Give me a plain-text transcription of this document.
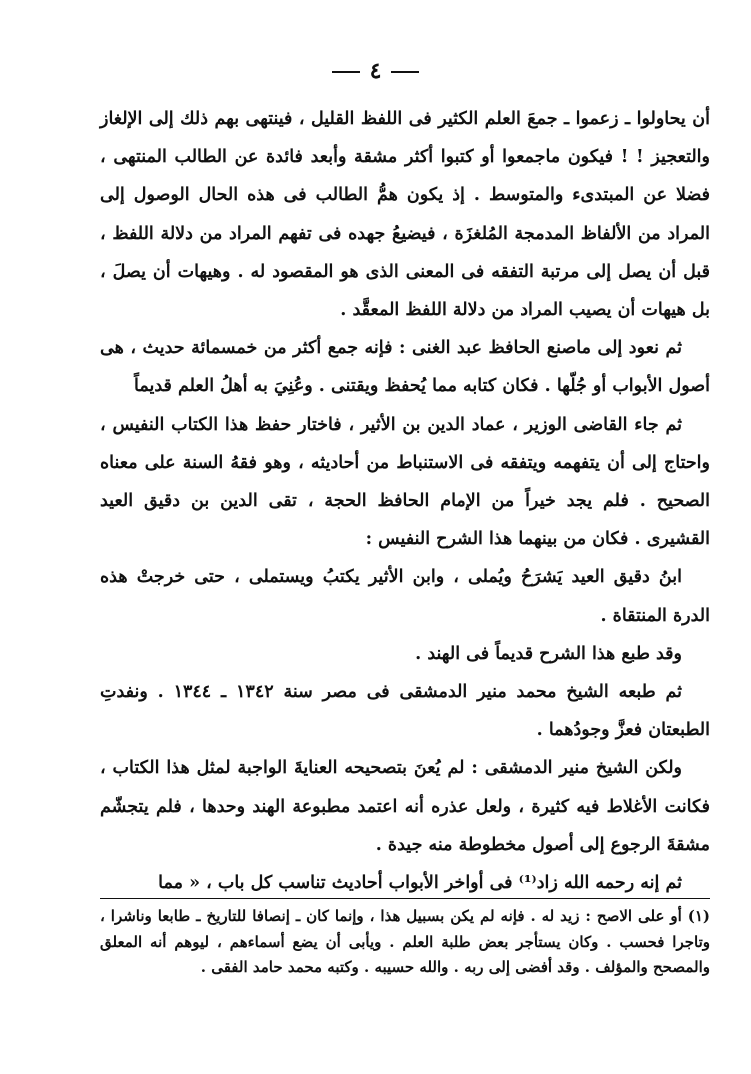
٤

أن يحاولوا ـ زعموا ـ جمعَ العلم الكثير فى اللفظ القليل ، فينتهى بهم ذلك إلى الإلغاز والتعجيز ! ! فيكون ماجمعوا أو كتبوا أكثر مشقة وأبعد فائدة عن الطالب المنتهى ، فضلا عن المبتدىء والمتوسط . إذ يكون همُّ الطالب فى هذه الحال الوصول إلى المراد من الألفاظ المدمجة المُلغزَة ، فيضيعُ جهده فى تفهم المراد من دلالة اللفظ ، قبل أن يصل إلى مرتبة التفقه فى المعنى الذى هو المقصود له . وهيهات أن يصلَ ، بل هيهات أن يصيب المراد من دلالة اللفظ المعقَّد .

ثم نعود إلى ماصنع الحافظ عبد الغنى : فإنه جمع أكثر من خمسمائة حديث ، هى أصول الأبواب أو جُلّها . فكان كتابه مما يُحفظ ويقتنى . وعُنِيَ به أهلُ العلم قديماً

ثم جاء القاضى الوزير ، عماد الدين بن الأثير ، فاختار حفظ هذا الكتاب النفيس ، واحتاج إلى أن يتفهمه ويتفقه فى الاستنباط من أحاديثه ، وهو فقهُ السنة على معناه الصحيح . فلم يجد خيراً من الإمام الحافظ الحجة ، تقى الدين بن دقيق العيد القشيرى . فكان من بينهما هذا الشرح النفيس :

ابنُ دقيق العيد يَشرَحُ ويُملى ، وابن الأثير يكتبُ ويستملى ، حتى خرجتْ هذه الدرة المنتقاة .

وقد طبع هذا الشرح قديماً فى الهند .

ثم طبعه الشيخ محمد منير الدمشقى فى مصر سنة ١٣٤٢ ـ ١٣٤٤ . ونفدتِ الطبعتان فعزَّ وجودُهما .

ولكن الشيخ منير الدمشقى : لم يُعنَ بتصحيحه العنايةَ الواجبة لمثل هذا الكتاب ، فكانت الأغلاط فيه كثيرة ، ولعل عذره أنه اعتمد مطبوعة الهند وحدها ، فلم يتجشّم مشقةَ الرجوع إلى أصول مخطوطة منه جيدة .

ثم إنه رحمه الله زاد⁽¹⁾ فى أواخر الأبواب أحاديث تناسب كل باب ، « مما

(١) أو على الاصح : زيد له . فإنه لم يكن بسبيل هذا ، وإنما كان ـ إنصافا للتاريخ ـ طابعا وناشرا ، وتاجرا فحسب . وكان يستأجر بعض طلبة العلم . ويأبى أن يضع أسماءهم ، ليوهم أنه المعلق والمصحح والمؤلف . وقد أفضى إلى ربه . والله حسيبه . وكتبه محمد حامد الفقى .
